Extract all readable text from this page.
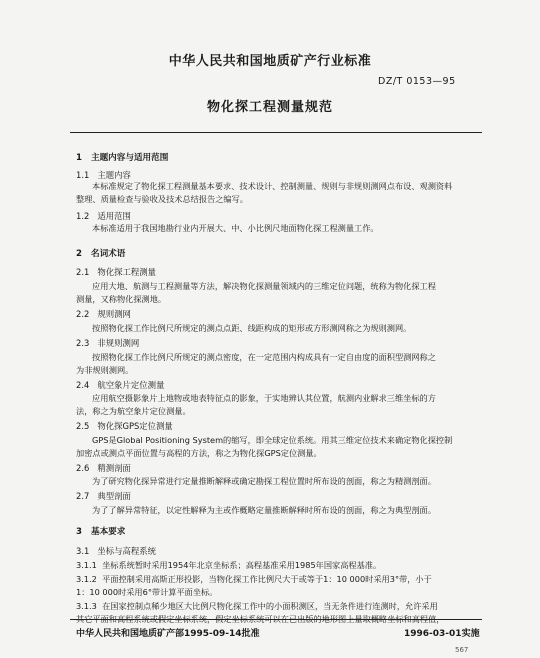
中华人民共和国地质矿产行业标准
DZ/T 0153—95
物化探工程测量规范
1 主题内容与适用范围
1.1 主题内容
本标准规定了物化探工程测量基本要求、技术设计、控制测量、规则与非规则测网点布设、观测资料
整理、质量检查与验收及技术总结报告之编写。
1.2 适用范围
本标准适用于我国地勘行业内开展大、中、小比例尺地面物化探工程测量工作。
2 名词术语
2.1 物化探工程测量
应用大地、航测与工程测量等方法，解决物化探测量领域内的三维定位问题，统称为物化探工程
测量，又称物化探测地。
2.2 规则测网
按照物化探工作比例尺所规定的测点点距、线距构成的矩形或方形测网称之为规则测网。
2.3 非规则测网
按照物化探工作比例尺所规定的测点密度，在一定范围内构成具有一定自由度的面积型测网称之
为非规则测网。
2.4 航空象片定位测量
应用航空摄影象片上地物或地表特征点的影象，于实地辨认其位置，航测内业解求三维坐标的方
法，称之为航空象片定位测量。
2.5 物化探GPS定位测量
GPS是Global Positioning System的缩写，即全球定位系统。用其三维定位技术来确定物化探控制
加密点或测点平面位置与高程的方法，称之为物化探GPS定位测量。
2.6 精测剖面
为了研究物化探异常进行定量推断解释或确定勘探工程位置时所布设的剖面，称之为精测剖面。
2.7 典型剖面
为了了解异常特征，以定性解释为主或作概略定量推断解释时所布设的剖面，称之为典型剖面。
3 基本要求
3.1 坐标与高程系统
3.1.1 坐标系统暂时采用1954年北京坐标系；高程基准采用1985年国家高程基准。
3.1.2 平面控制采用高斯正形投影，当物化探工作比例尺大于或等于1：10 000时采用3°带，小于
1：10 000时采用6°带计算平面坐标。
3.1.3 在国家控制点稀少地区大比例尺物化探工作中的小面积测区，当无条件进行连测时，允许采用
中华人民共和国地质矿产部1995-09-14批准	1996-03-01实施
567
